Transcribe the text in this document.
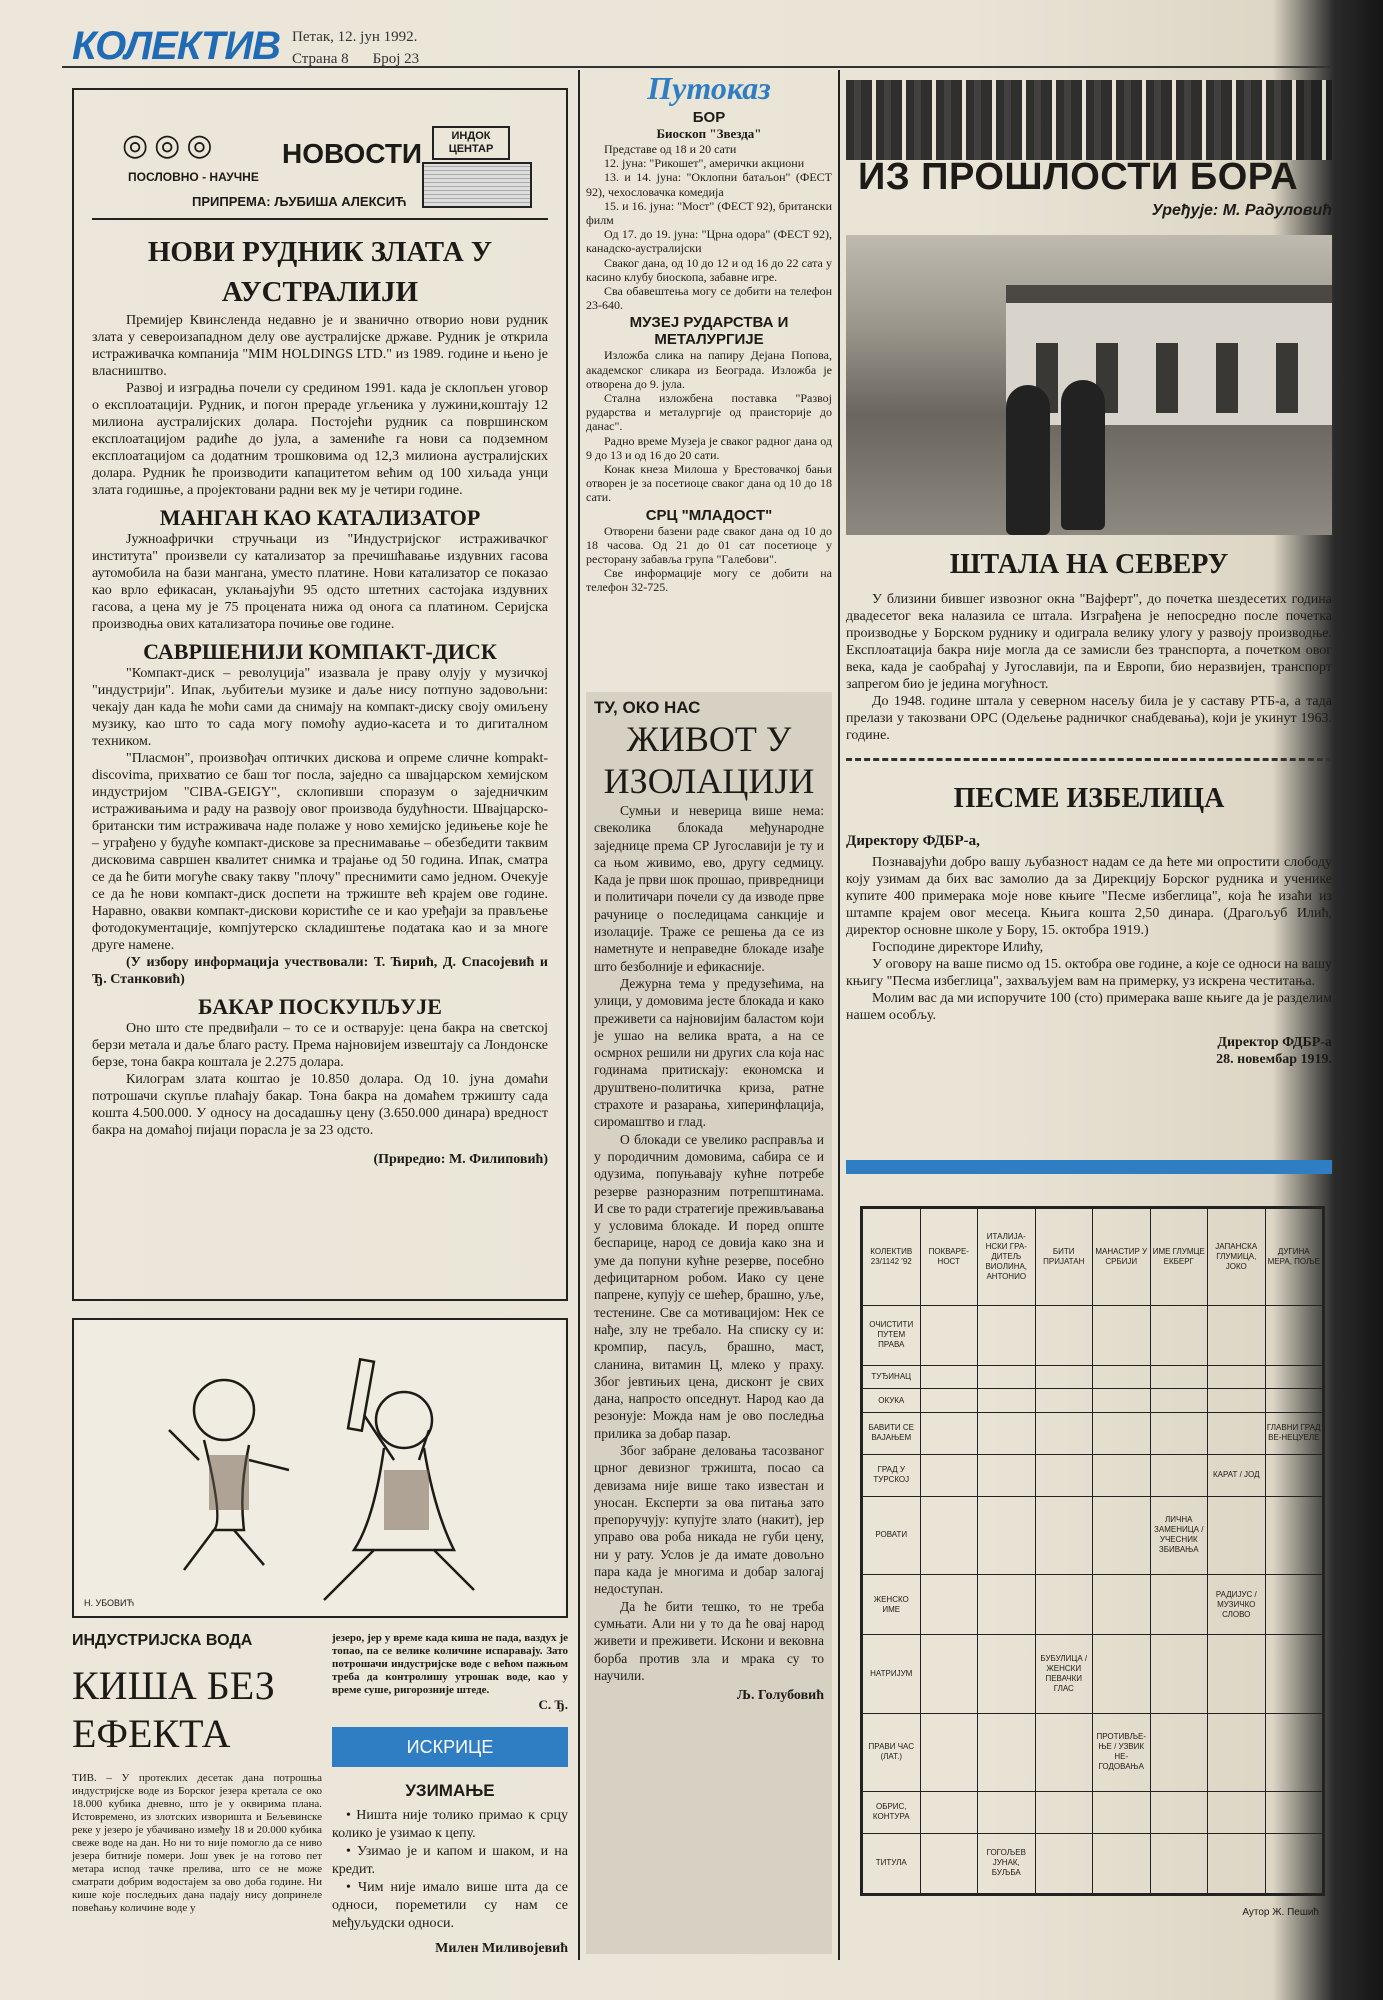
КОЛЕКТИВ Петак, 12. јун 1992.
Страна 8 Број 23
◎◎◎
ПОСЛОВНО - НАУЧНЕ
НОВОСТИ
ИНДОК ЦЕНТАР
ПРИПРЕМА: ЉУБИША АЛЕКСИЋ
НОВИ РУДНИК ЗЛАТА У АУСТРАЛИЈИ

Премијер Квинсленда недавно је и званично отворио нови рудник злата у североизападном делу ове аустралијске државе. Рудник је открила истраживачка компанија "MIM HOLDINGS LTD." из 1989. године и њено је власништво.

Развој и изградња почели су средином 1991. када је склопљен уговор о експлоатацији. Рудник, и погон прераде угљеника у лужини,коштају 12 милиона аустралијских долара. Постојећи рудник са површинском експлоатацијом радиће до јула, а замениће га нови са подземном експлоатацијом са додатним трошковима од 12,3 милиона аустралијских долара. Рудник ће производити капацитетом већим од 100 хиљада унци злата годишње, а пројектовани радни век му је четири године.

МАНГАН КАО КАТАЛИЗАТОР

Јужноафрички стручњаци из "Индустријског истраживачког института" произвели су катализатор за пречишћавање издувних гасова аутомобила на бази мангана, уместо платине. Нови катализатор се показао као врло ефикасан, уклањајући 95 одсто штетних састојака издувних гасова, а цена му је 75 процената нижа од онога са платином. Серијска производња ових катализатора почиње ове године.

САВРШЕНИЈИ КОМПАКТ-ДИСК

"Компакт-диск – револуција" изазвала је праву олују у музичкој "индустрији". Ипак, љубитељи музике и даље нису потпуно задовољни: чекају дан када ће моћи сами да снимају на компакт-диску своју омиљену музику, као што то сада могу помоћу аудио-касета и то дигиталном техником.

"Пласмон", произвођач оптичких дискова и опреме сличне kompakt-discovima, прихватио се баш тог посла, заједно са швајцарском хемијском индустријом "CIBA-GEIGY", склопивши споразум о заједничким истраживањима и раду на развоју овог производа будућности. Швајцарско-британски тим истраживача наде полаже у ново хемијско једињење које ће – уграђено у будуће компакт-дискове за преснимавање – обезбедити таквим дисковима савршен квалитет снимка и трајање од 50 година. Ипак, сматра се да ће бити могуће сваку такву "плочу" преснимити само једном. Очекује се да ће нови компакт-диск доспети на тржиште већ крајем ове године. Наравно, овакви компакт-дискови користиће се и као уређаји за прављење фотодокументације, компјутерско складиштење података као и за многе друге намене.

(У избору информација учествовали: Т. Ћирић, Д. Спасојевић и Ђ. Станковић)

БАКАР ПОСКУПЉУЈЕ

Оно што сте предвиђали – то се и остварује: цена бакра на светској берзи метала и даље благо расту. Према најновијем извештају са Лондонске берзе, тона бакра коштала је 2.275 долара.

Килограм злата коштао је 10.850 долара. Од 10. јуна домаћи потрошачи скупље плаћају бакар. Тона бакра на домаћем тржишту сада кошта 4.500.000. У односу на досадашњу цену (3.650.000 динара) вредност бакра на домаћој пијаци порасла је за 23 одсто.

(Приредио: М. Филиповић)

Н. УБОВИЋ
ИНДУСТРИЈСКА ВОДА
КИША БЕЗ ЕФЕКТА

ТИВ. – У протеклих десетак дана потрошња индустријске воде из Борског језера кретала се око 18.000 кубика дневно, што је у оквирима плана. Истовремено, из злотских изворишта и Бељевинске реке у језеро је убачивано између 18 и 20.000 кубика свеже воде на дан. Но ни то није помогло да се ниво језера битније помери. Још увек је на готово пет метара испод тачке прелива, што се не може сматрати добрим водостајем за ово доба године. Ни кише које последњих дана падају нису допринеле повећању количине воде у

језеро, јер у време када киша не пада, ваздух је топао, па се велике количине испаравају. Зато потрошачи индустријске воде с већом пажњом треба да контролишу утрошак воде, као у време суше, ригорозније штеде.

С. Ђ.
ИСКРИЦЕ
УЗИМАЊЕ

• Ништа није толико примао к срцу колико је узимао к цепу.

• Узимао је и капом и шаком, и на кредит.

• Чим није имало више шта да се односи, пореметили су нам се међуљудски односи.

Милен Миливојевић
Путоказ
БОР
Биоскоп "Звезда"

Представе од 18 и 20 сати

12. јуна: "Рикошет", амерички акциони

13. и 14. јуна: "Оклопни батаљон" (ФЕСТ 92), чехословачка комедија

15. и 16. јуна: "Мост" (ФЕСТ 92), британски филм

Од 17. до 19. јуна: "Црна одора" (ФЕСТ 92), канадско-аустралијски

Сваког дана, од 10 до 12 и од 16 до 22 сата у касино клубу биоскопа, забавне игре.

Сва обавештења могу се добити на телефон 23-640.

МУЗЕЈ РУДАРСТВА И МЕТАЛУРГИЈЕ

Изложба слика на папиру Дејана Попова, академског сликара из Београда. Изложба је отворена до 9. јула.

Стална изложбена поставка "Развој рударства и металургије од праисторије до данас".

Радно време Музеја је сваког радног дана од 9 до 13 и од 16 до 20 сати.

Конак кнеза Милоша у Брестовачкој бањи отворен је за посетиоце сваког дана од 10 до 18 сати.

СРЦ "МЛАДОСТ"

Отворени базени раде сваког дана од 10 до 18 часова. Од 21 до 01 сат посетиоце у ресторану забавља група "Галебови".

Све информације могу се добити на телефон 32-725.

ТУ, ОКО НАС
ЖИВОТ У ИЗОЛАЦИЈИ

Сумњи и неверица више нема: свеколика блокада међународне заједнице према СР Југославији је ту и са њом живимо, ево, другу седмицу. Када је први шок прошао, привредници и политичари почели су да изводе прве рачунице о последицама санкције и изолације. Траже се решења да се из наметнуте и неправедне блокаде изађе што безболније и ефикасније.

Дежурна тема у предузећима, на улици, у домовима јесте блокада и како преживети са најновијим баластом који је ушао на велика врата, а на се осмрнох решили ни других сла која нас годинама притискају: економска и друштвено-политичка криза, ратне страхоте и разарања, хиперинфлација, сиромаштво и глад.

О блокади се увелико расправља и у породичним домовима, сабира се и одузима, попуњавају кућне потребе резерве разноразним потрепштинама. И све то ради стратегије преживљавања у условима блокаде. И поред опште беспарице, народ се довија како зна и уме да попуни кућне резерве, посебно дефицитарном робом. Иако су цене папрене, купују се шећер, брашно, уље, тестенине. Све са мотивацијом: Нек се нађе, злу не требало. На списку су и: кромпир, пасуљ, брашно, маст, сланина, витамин Ц, млеко у праху. Због јевтињих цена, дисконт је свих дана, напросто опседнут. Народ као да резонује: Можда нам је ово последња прилика за добар пазар.

Због забране деловања тасозваног црног девизног тржишта, посао са девизама није више тако известан и уносан. Експерти за ова питања зато препоручују: купујте злато (накит), јер управо ова роба никада не губи цену, ни у рату. Услов је да имате довољно пара када је многима и добар залогај недоступан.

Да ће бити тешко, то не треба сумњати. Али ни у то да ће овај народ живети и преживети. Искони и вековна борба против зла и мрака су то научили.

Љ. Голубовић
ИЗ ПРОШЛОСТИ БОРА
Уређује: М. Радуловић
ШТАЛА НА СЕВЕРУ

У близини бившег извозног окна "Вајферт", до почетка шездесетих година двадесетог века налазила се штала. Изграђена је непосредно после почетка производње у Борском руднику и одиграла велику улогу у развоју производње. Експлоатација бакра није могла да се замисли без транспорта, а почетком овог века, када је саобраћај у Југославији, па и Европи, био неразвијен, транспорт запрегом био је једина могућност.

До 1948. године штала у северном насељу била је у саставу РТБ-а, а тада прелази у такозвани ОРС (Одељење радничког снабдевања), који је укинут 1963. године.

ПЕСМЕ ИЗБЕЛИЦА

Директору ФДБР-а,

Познавајући добро вашу љубазност надам се да ћете ми опростити слободу коју узимам да бих вас замолио да за Дирекцију Борског рудника и ученике купите 400 примерака моје нове књиге "Песме избеглица", која ће изаћи из штампе крајем овог месеца. Књига кошта 2,50 динара. (Драгољуб Илић, директор основне школе у Бору, 15. октобра 1919.)

Господине директоре Илићу,

У оговору на ваше писмо од 15. октобра ове године, а које се односи на вашу књигу "Песма избеглица", захваљујем вам на примерку, уз искрена честитања.

Молим вас да ми испоручите 100 (сто) примерака ваше књиге да је разделим нашем особљу.

Директор ФДБР-а

28. новембар 1919.

КОЛЕКТИВ 23/1142 '92	ПОКВАРЕ-НОСТ	ИТАЛИЈА-НСКИ ГРА-ДИТЕЉ ВИОЛИНА, АНТОНИО	БИТИ ПРИЈАТАН	МАНАСТИР У СРБИЈИ	ИМЕ ГЛУМЦЕ ЕКБЕРГ	ЈАПАНСКА ГЛУМИЦА, ЈОКО	ДУГИНА МЕРА, ПОЉЕ
ОЧИСТИТИ ПУТЕМ ПРАВА							
ТУЂИНАЦ							
ОКУКА							
БАВИТИ СЕ ВАЈАЊЕМ							ГЛАВНИ ГРАД ВЕ-НЕЦУЕЛЕ
ГРАД У ТУРСКОЈ						КАРАТ / ЈОД	
РОВАТИ					ЛИЧНА ЗАМЕНИЦА / УЧЕСНИК ЗБИВАЊА		
ЖЕНСКО ИМЕ						РАДИЈУС / МУЗИЧКО СЛОВО	
НАТРИЈУМ			БУБУЛИЦА / ЖЕНСКИ ПЕВАЧКИ ГЛАС				
ПРАВИ ЧАС (ЛАТ.)				ПРОТИВЉЕ-ЊЕ / УЗВИК НЕ-ГОДОВАЊА			
ОБРИС, КОНТУРА							
ТИТУЛА		ГОГОЉЕВ ЈУНАК, БУЉБА					
Аутор Ж. Пешић
